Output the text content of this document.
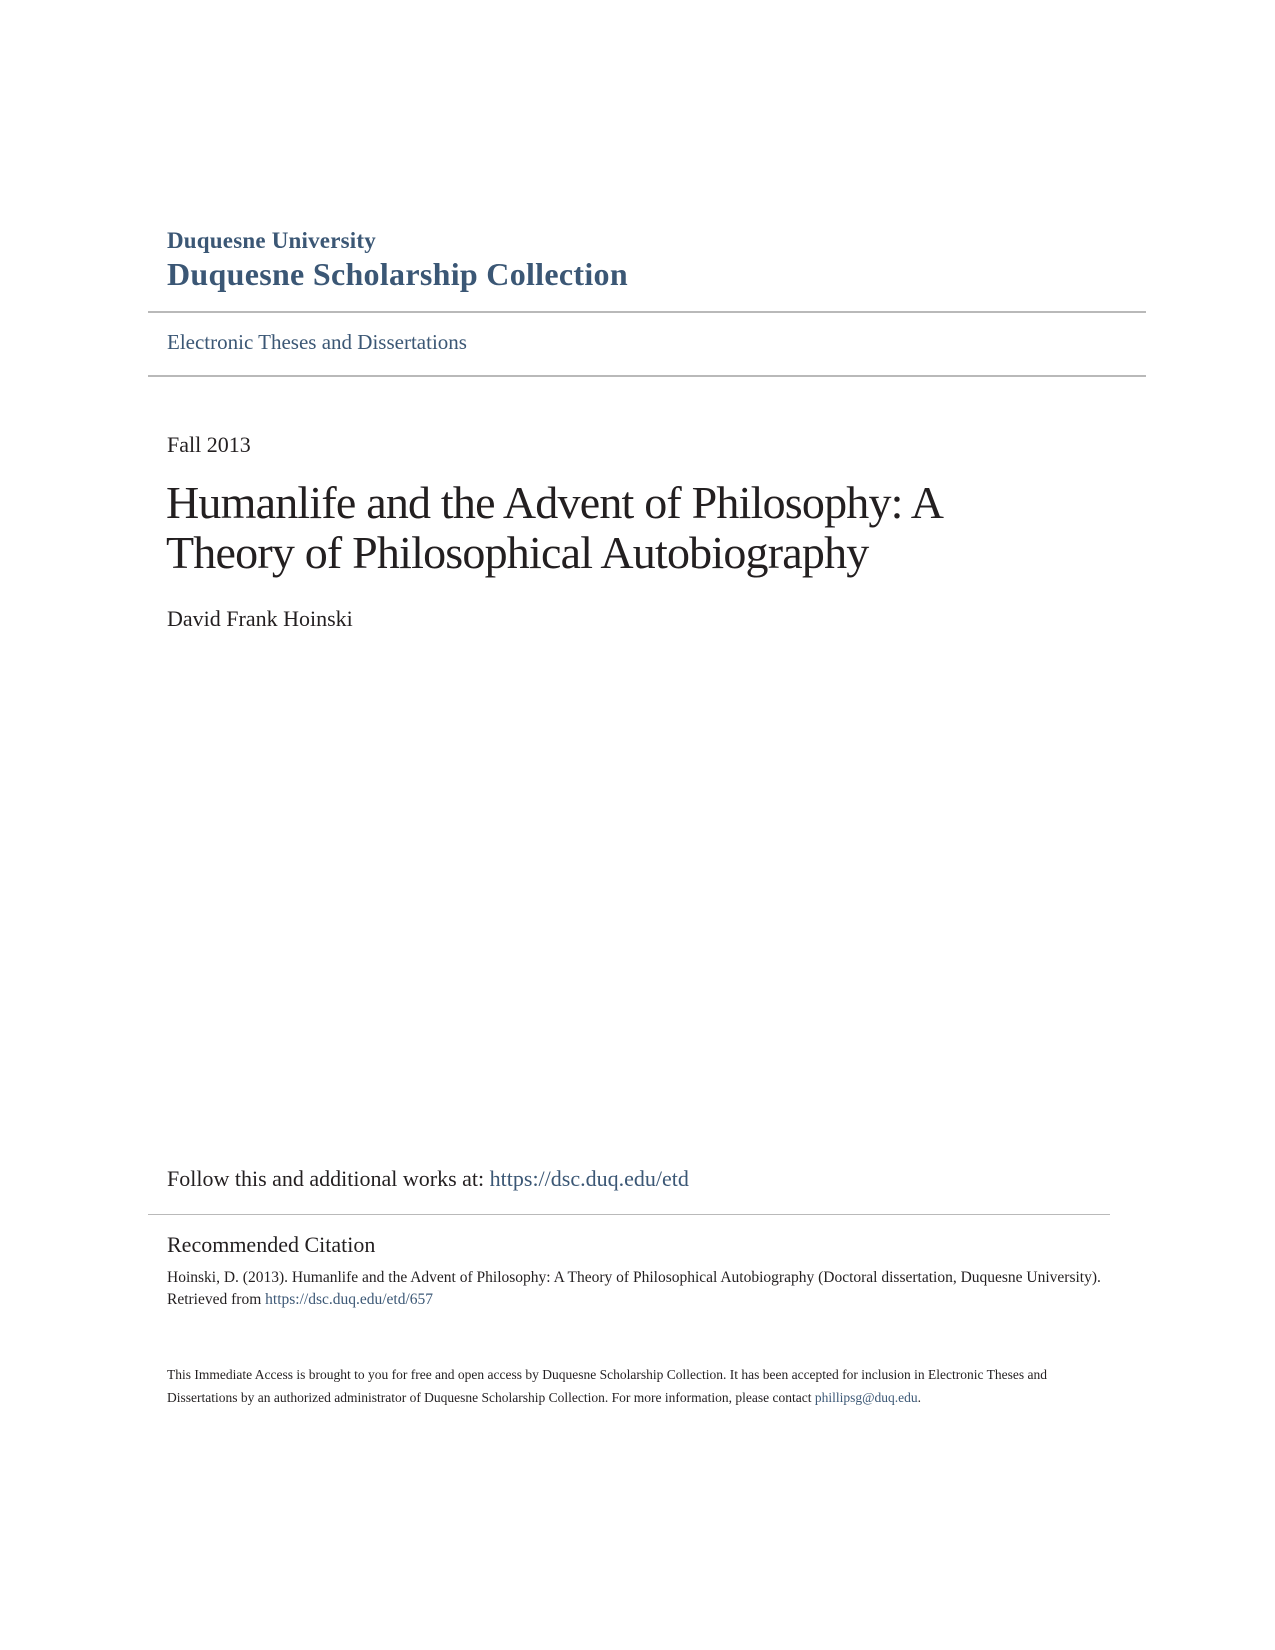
Duquesne University
Duquesne Scholarship Collection
Electronic Theses and Dissertations
Fall 2013
Humanlife and the Advent of Philosophy: A Theory of Philosophical Autobiography
David Frank Hoinski
Follow this and additional works at: https://dsc.duq.edu/etd
Recommended Citation
Hoinski, D. (2013). Humanlife and the Advent of Philosophy: A Theory of Philosophical Autobiography (Doctoral dissertation, Duquesne University). Retrieved from https://dsc.duq.edu/etd/657
This Immediate Access is brought to you for free and open access by Duquesne Scholarship Collection. It has been accepted for inclusion in Electronic Theses and Dissertations by an authorized administrator of Duquesne Scholarship Collection. For more information, please contact phillipsg@duq.edu.
